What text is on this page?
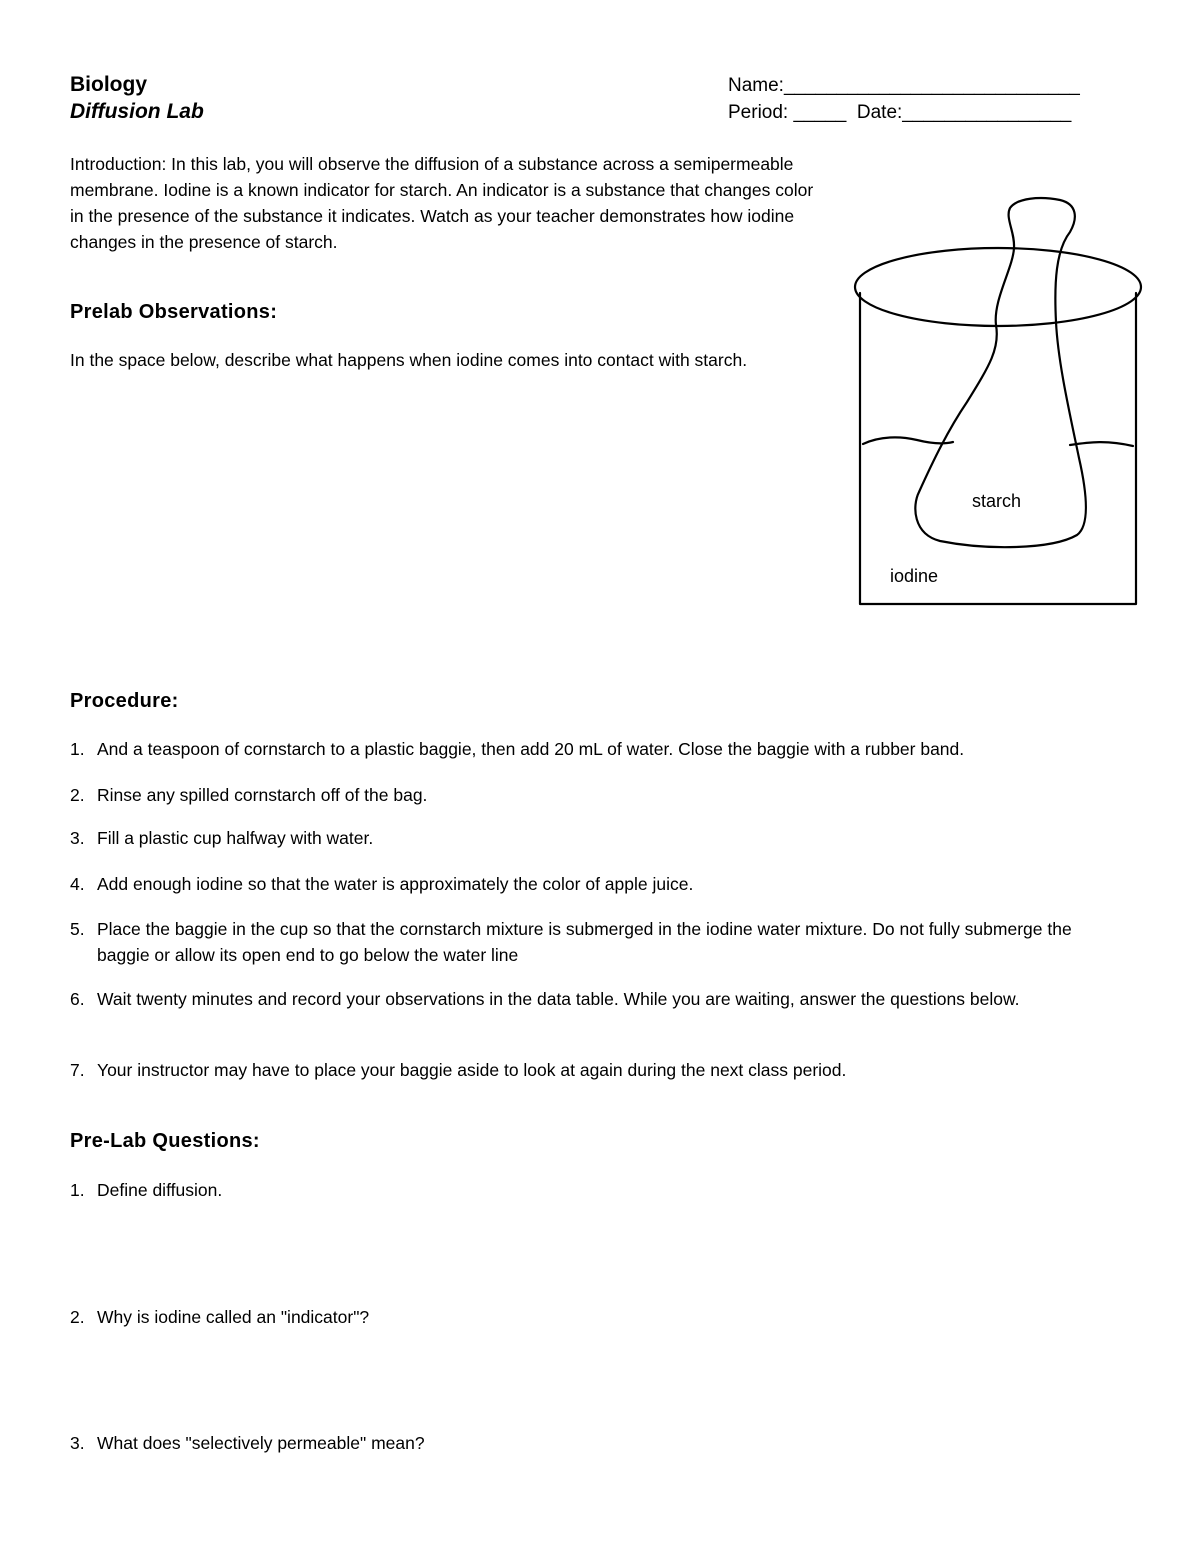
Biology
Diffusion Lab
Name:____________________________
Period: _____  Date:________________
Introduction: In this lab, you will observe the diffusion of a substance across a semipermeable membrane. Iodine is a known indicator for starch. An indicator is a substance that changes color in the presence of the substance it indicates. Watch as your teacher demonstrates how iodine changes in the presence of starch.
Prelab Observations:
In the space below, describe what happens when iodine comes into contact with starch.
starch
iodine
Procedure:
1. And a teaspoon of cornstarch to a plastic baggie, then add 20 mL of water. Close the baggie with a rubber band.
2. Rinse any spilled cornstarch off of the bag.
3. Fill a plastic cup halfway with water.
4. Add enough iodine so that the water is approximately the color of apple juice.
5. Place the baggie in the cup so that the cornstarch mixture is submerged in the iodine water mixture. Do not fully submerge the baggie or allow its open end to go below the water line
6. Wait twenty minutes and record your observations in the data table. While you are waiting, answer the questions below.
7. Your instructor may have to place your baggie aside to look at again during the next class period.
Pre-Lab Questions:
1. Define diffusion.
2. Why is iodine called an "indicator"?
3. What does "selectively permeable" mean?
